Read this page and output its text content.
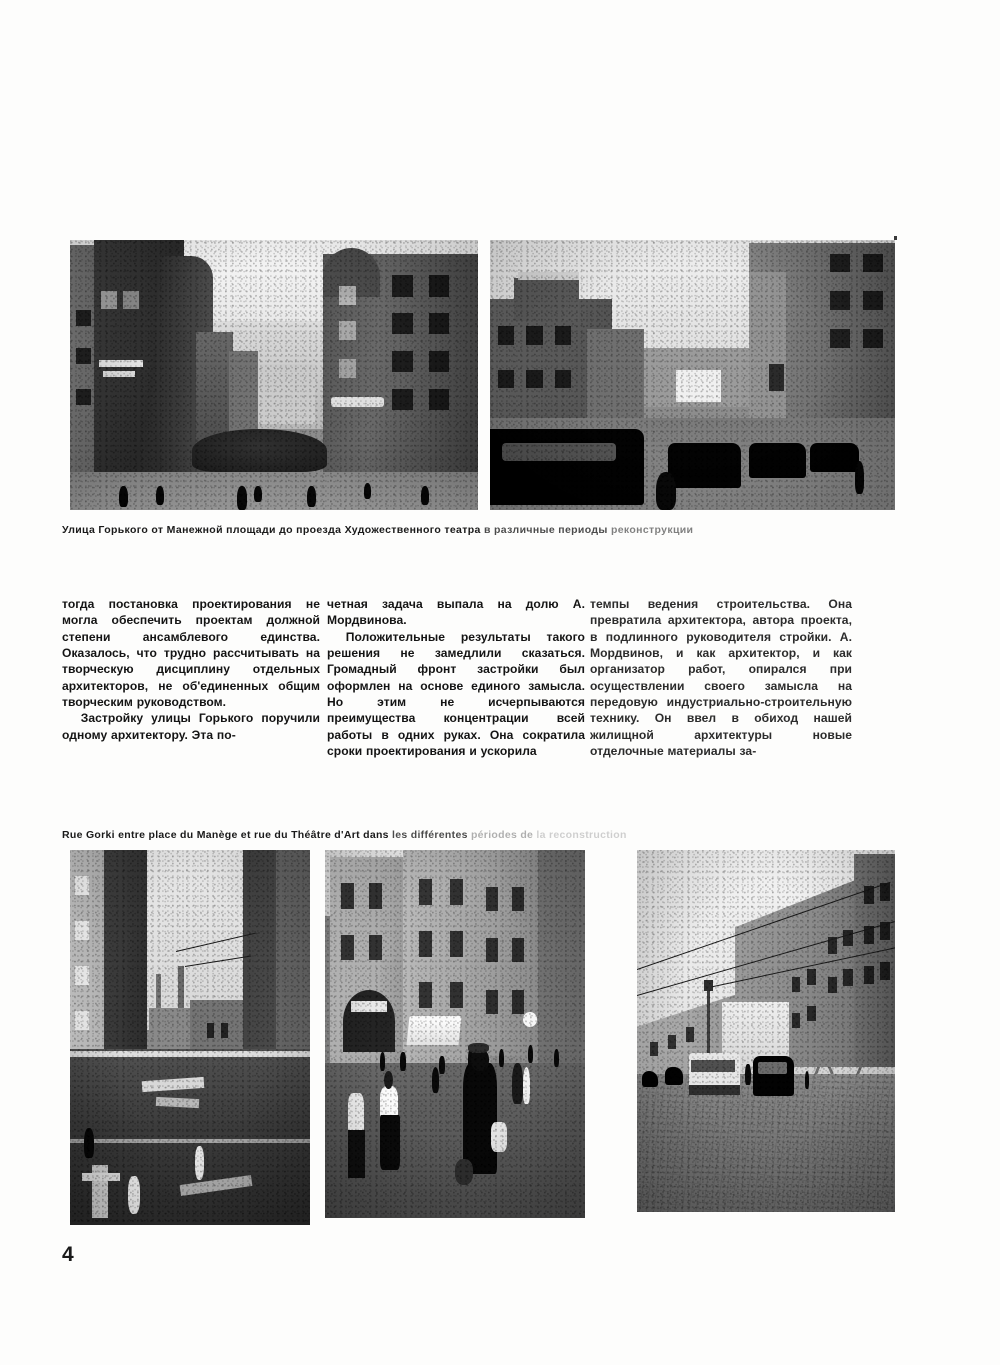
Улица Горького от Манежной площади до проезда Художественного театра в различные периоды реконструкции

тогда постановка проектирования не могла обеспечить проектам должной степени ансамблевого единства. Оказалось, что трудно рассчитывать на творческую дисциплину отдельных архитекторов, не об'единенных общим творческим руководством.

Застройку улицы Горького поручили одному архитектору. Эта по-

четная задача выпала на долю А. Мордвинова.

Положительные результаты такого решения не замедлили сказаться. Громадный фронт застройки был оформлен на основе единого замысла. Но этим не исчерпываются преимущества концентрации всей работы в одних руках. Она сократила сроки проектирования и ускорила

темпы ведения строительства. Она превратила архитектора, автора проекта, в подлинного руководителя стройки. А. Мордвинов, и как архитектор, и как организатор работ, опирался при осуществлении своего замысла на передовую индустриально-строительную технику. Он ввел в обиход нашей жилищной архитектуры новые отделочные материалы за-

Rue Gorki entre place du Manège et rue du Théâtre d'Art dans les différentes périodes de la reconstruction
4
